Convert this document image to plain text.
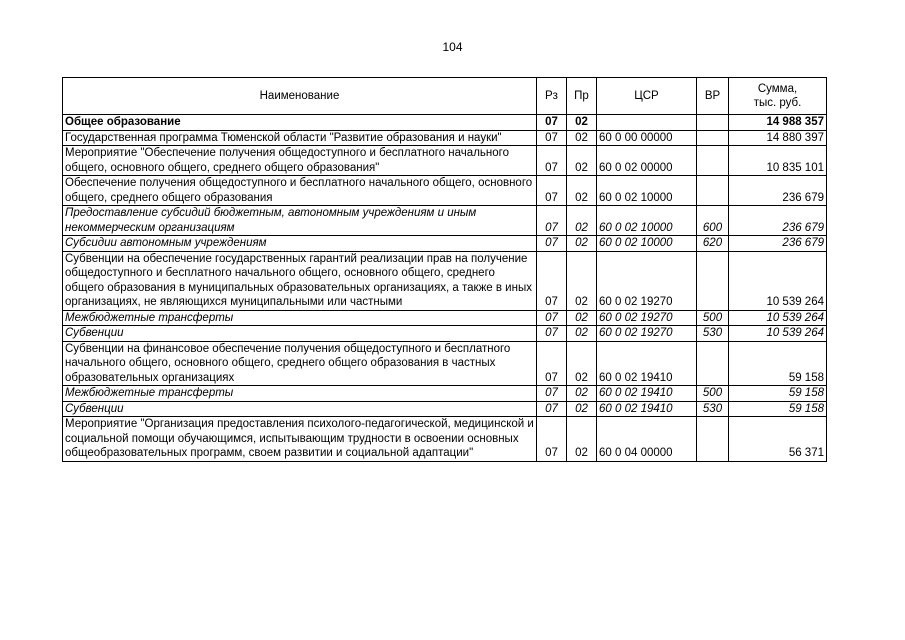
104
Наименование	Рз	Пр	ЦСР	ВР	Сумма,
тыс. руб.

Общее образование	07	02			14 988 357
Государственная программа Тюменской области "Развитие образования и науки"	07	02	60 0 00 00000		14 880 397
Мероприятие "Обеспечение получения общедоступного и бесплатного начального общего, основного общего, среднего общего образования"	07	02	60 0 02 00000		10 835 101
Обеспечение получения общедоступного и бесплатного начального общего, основного общего, среднего общего образования	07	02	60 0 02 10000		236 679
Предоставление субсидий бюджетным, автономным учреждениям и иным некоммерческим организациям	07	02	60 0 02 10000	600	236 679
Субсидии автономным учреждениям	07	02	60 0 02 10000	620	236 679
Субвенции на обеспечение государственных гарантий реализации прав на получение общедоступного и бесплатного начального общего, основного общего, среднего общего образования в муниципальных образовательных организациях, а также в иных организациях, не являющихся муниципальными или частными	07	02	60 0 02 19270		10 539 264
Межбюджетные трансферты	07	02	60 0 02 19270	500	10 539 264
Субвенции	07	02	60 0 02 19270	530	10 539 264
Субвенции на финансовое обеспечение получения общедоступного и бесплатного начального общего, основного общего, среднего общего образования в частных образовательных организациях	07	02	60 0 02 19410		59 158
Межбюджетные трансферты	07	02	60 0 02 19410	500	59 158
Субвенции	07	02	60 0 02 19410	530	59 158
Мероприятие "Организация предоставления психолого-педагогической, медицинской и социальной помощи обучающимся, испытывающим трудности в освоении основных общеобразовательных программ, своем развитии и социальной адаптации"	07	02	60 0 04 00000		56 371
